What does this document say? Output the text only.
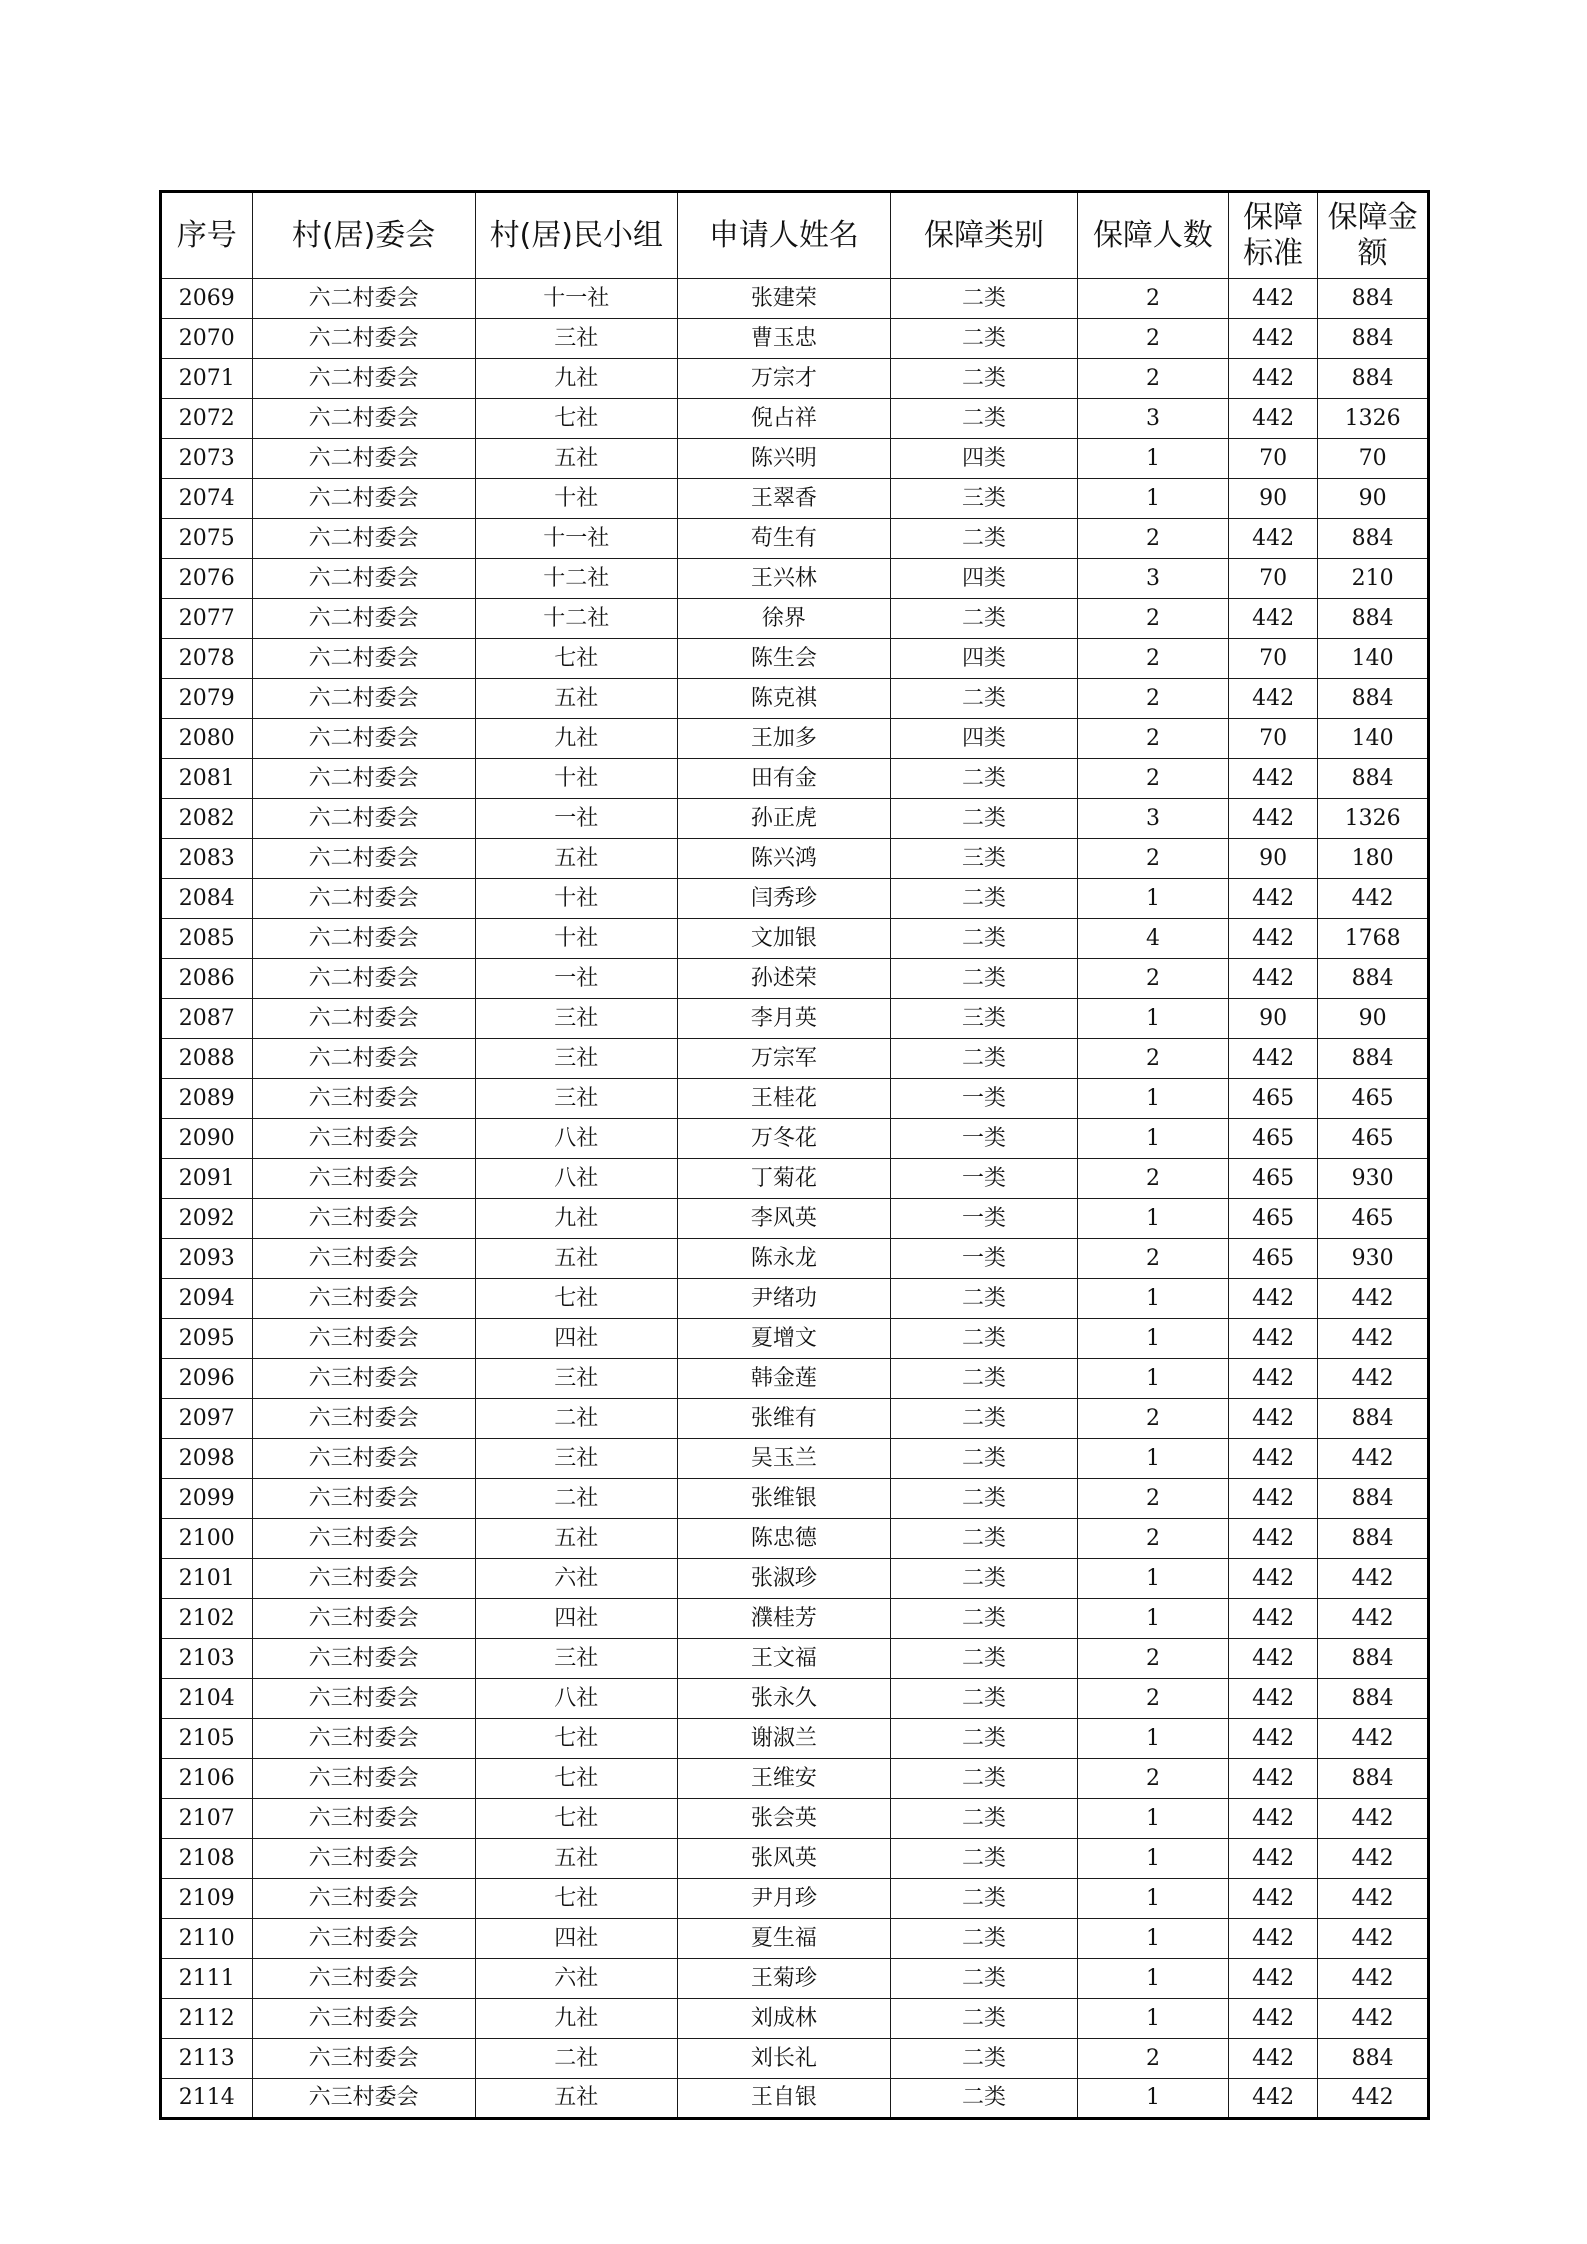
序号	村(居)委会	村(居)民小组	申请人姓名	保障类别	保障人数	保障标准	保障金额
2069	六二村委会	十一社	张建荣	二类	2	442	884
2070	六二村委会	三社	曹玉忠	二类	2	442	884
2071	六二村委会	九社	万宗才	二类	2	442	884
2072	六二村委会	七社	倪占祥	二类	3	442	1326
2073	六二村委会	五社	陈兴明	四类	1	70	70
2074	六二村委会	十社	王翠香	三类	1	90	90
2075	六二村委会	十一社	苟生有	二类	2	442	884
2076	六二村委会	十二社	王兴林	四类	3	70	210
2077	六二村委会	十二社	徐界	二类	2	442	884
2078	六二村委会	七社	陈生会	四类	2	70	140
2079	六二村委会	五社	陈克祺	二类	2	442	884
2080	六二村委会	九社	王加多	四类	2	70	140
2081	六二村委会	十社	田有金	二类	2	442	884
2082	六二村委会	一社	孙正虎	二类	3	442	1326
2083	六二村委会	五社	陈兴鸿	三类	2	90	180
2084	六二村委会	十社	闫秀珍	二类	1	442	442
2085	六二村委会	十社	文加银	二类	4	442	1768
2086	六二村委会	一社	孙述荣	二类	2	442	884
2087	六二村委会	三社	李月英	三类	1	90	90
2088	六二村委会	三社	万宗军	二类	2	442	884
2089	六三村委会	三社	王桂花	一类	1	465	465
2090	六三村委会	八社	万冬花	一类	1	465	465
2091	六三村委会	八社	丁菊花	一类	2	465	930
2092	六三村委会	九社	李风英	一类	1	465	465
2093	六三村委会	五社	陈永龙	一类	2	465	930
2094	六三村委会	七社	尹绪功	二类	1	442	442
2095	六三村委会	四社	夏增文	二类	1	442	442
2096	六三村委会	三社	韩金莲	二类	1	442	442
2097	六三村委会	二社	张维有	二类	2	442	884
2098	六三村委会	三社	吴玉兰	二类	1	442	442
2099	六三村委会	二社	张维银	二类	2	442	884
2100	六三村委会	五社	陈忠德	二类	2	442	884
2101	六三村委会	六社	张淑珍	二类	1	442	442
2102	六三村委会	四社	濮桂芳	二类	1	442	442
2103	六三村委会	三社	王文福	二类	2	442	884
2104	六三村委会	八社	张永久	二类	2	442	884
2105	六三村委会	七社	谢淑兰	二类	1	442	442
2106	六三村委会	七社	王维安	二类	2	442	884
2107	六三村委会	七社	张会英	二类	1	442	442
2108	六三村委会	五社	张风英	二类	1	442	442
2109	六三村委会	七社	尹月珍	二类	1	442	442
2110	六三村委会	四社	夏生福	二类	1	442	442
2111	六三村委会	六社	王菊珍	二类	1	442	442
2112	六三村委会	九社	刘成林	二类	1	442	442
2113	六三村委会	二社	刘长礼	二类	2	442	884
2114	六三村委会	五社	王自银	二类	1	442	442
